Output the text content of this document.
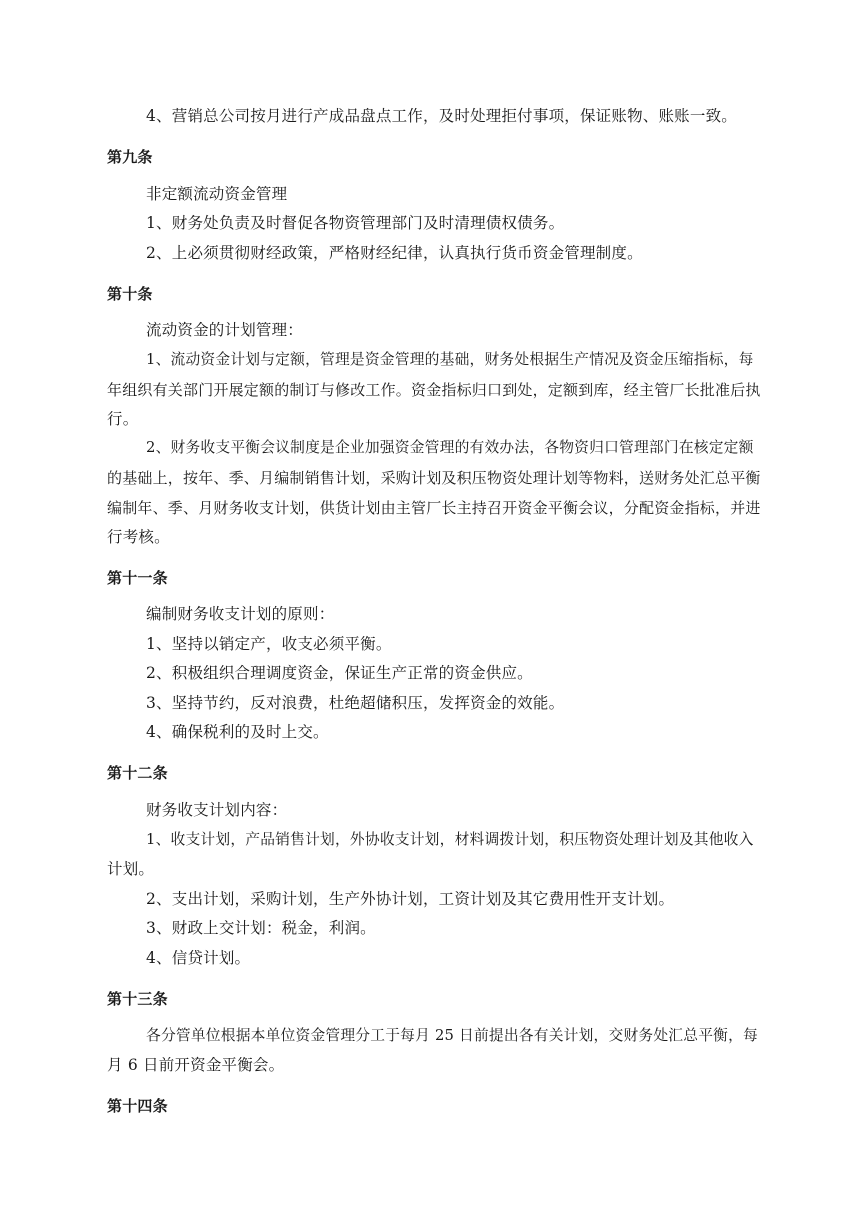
4、营销总公司按月进行产成品盘点工作，及时处理拒付事项，保证账物、账账一致。
第九条
非定额流动资金管理
1、财务处负责及时督促各物资管理部门及时清理债权债务。
2、上必须贯彻财经政策，严格财经纪律，认真执行货币资金管理制度。
第十条
流动资金的计划管理：
1、流动资金计划与定额，管理是资金管理的基础，财务处根据生产情况及资金压缩指标，每
年组织有关部门开展定额的制订与修改工作。资金指标归口到处，定额到库，经主管厂长批准后执
行。
2、财务收支平衡会议制度是企业加强资金管理的有效办法，各物资归口管理部门在核定定额
的基础上，按年、季、月编制销售计划，采购计划及积压物资处理计划等物料，送财务处汇总平衡
编制年、季、月财务收支计划，供货计划由主管厂长主持召开资金平衡会议，分配资金指标，并进
行考核。
第十一条
编制财务收支计划的原则：
1、坚持以销定产，收支必须平衡。
2、积极组织合理调度资金，保证生产正常的资金供应。
3、坚持节约，反对浪费，杜绝超储积压，发挥资金的效能。
4、确保税利的及时上交。
第十二条
财务收支计划内容：
1、收支计划，产品销售计划，外协收支计划，材料调拨计划，积压物资处理计划及其他收入
计划。
2、支出计划，采购计划，生产外协计划，工资计划及其它费用性开支计划。
3、财政上交计划：税金，利润。
4、信贷计划。
第十三条
各分管单位根据本单位资金管理分工于每月 25 日前提出各有关计划，交财务处汇总平衡，每
月 6 日前开资金平衡会。
第十四条
